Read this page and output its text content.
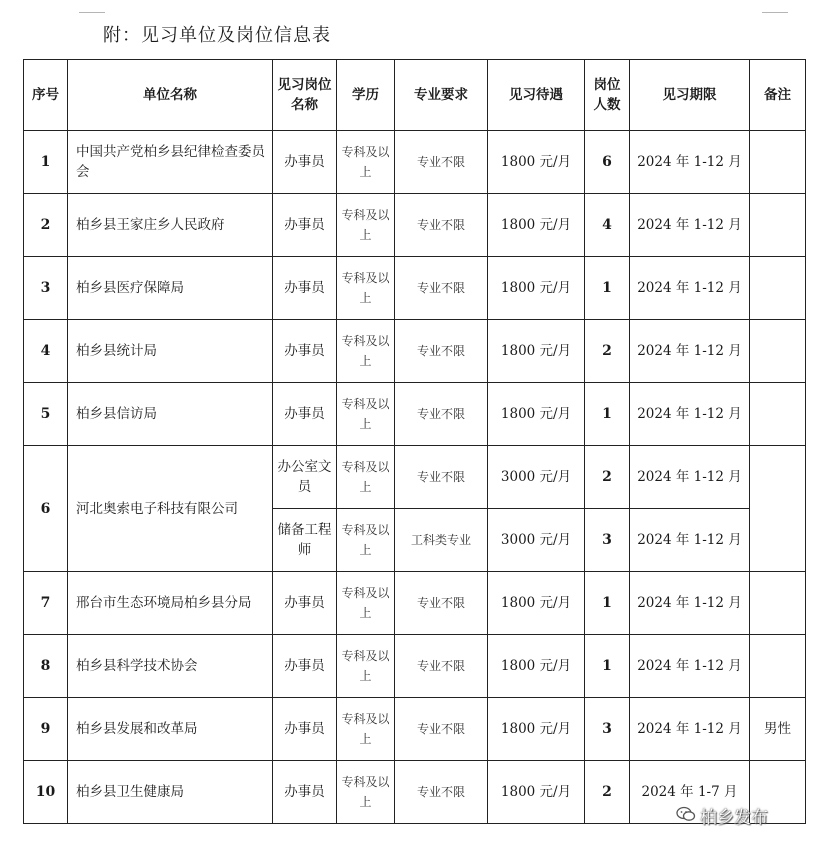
附：见习单位及岗位信息表
序号	单位名称	见习岗位名称	学历	专业要求	见习待遇	岗位人数	见习期限	备注
1	中国共产党柏乡县纪律检查委员会	办事员	专科及以上	专业不限	1800 元/月	6	2024 年 1-12 月	
2	柏乡县王家庄乡人民政府	办事员	专科及以上	专业不限	1800 元/月	4	2024 年 1-12 月	
3	柏乡县医疗保障局	办事员	专科及以上	专业不限	1800 元/月	1	2024 年 1-12 月	
4	柏乡县统计局	办事员	专科及以上	专业不限	1800 元/月	2	2024 年 1-12 月	
5	柏乡县信访局	办事员	专科及以上	专业不限	1800 元/月	1	2024 年 1-12 月	
6	河北奥索电子科技有限公司	办公室文员	专科及以上	专业不限	3000 元/月	2	2024 年 1-12 月	
		储备工程师	专科及以上	工科类专业	3000 元/月	3	2024 年 1-12 月	
7	邢台市生态环境局柏乡县分局	办事员	专科及以上	专业不限	1800 元/月	1	2024 年 1-12 月	
8	柏乡县科学技术协会	办事员	专科及以上	专业不限	1800 元/月	1	2024 年 1-12 月	
9	柏乡县发展和改革局	办事员	专科及以上	专业不限	1800 元/月	3	2024 年 1-12 月	男性
10	柏乡县卫生健康局	办事员	专科及以上	专业不限	1800 元/月	2	2024 年 1-7 月	
柏乡发布
